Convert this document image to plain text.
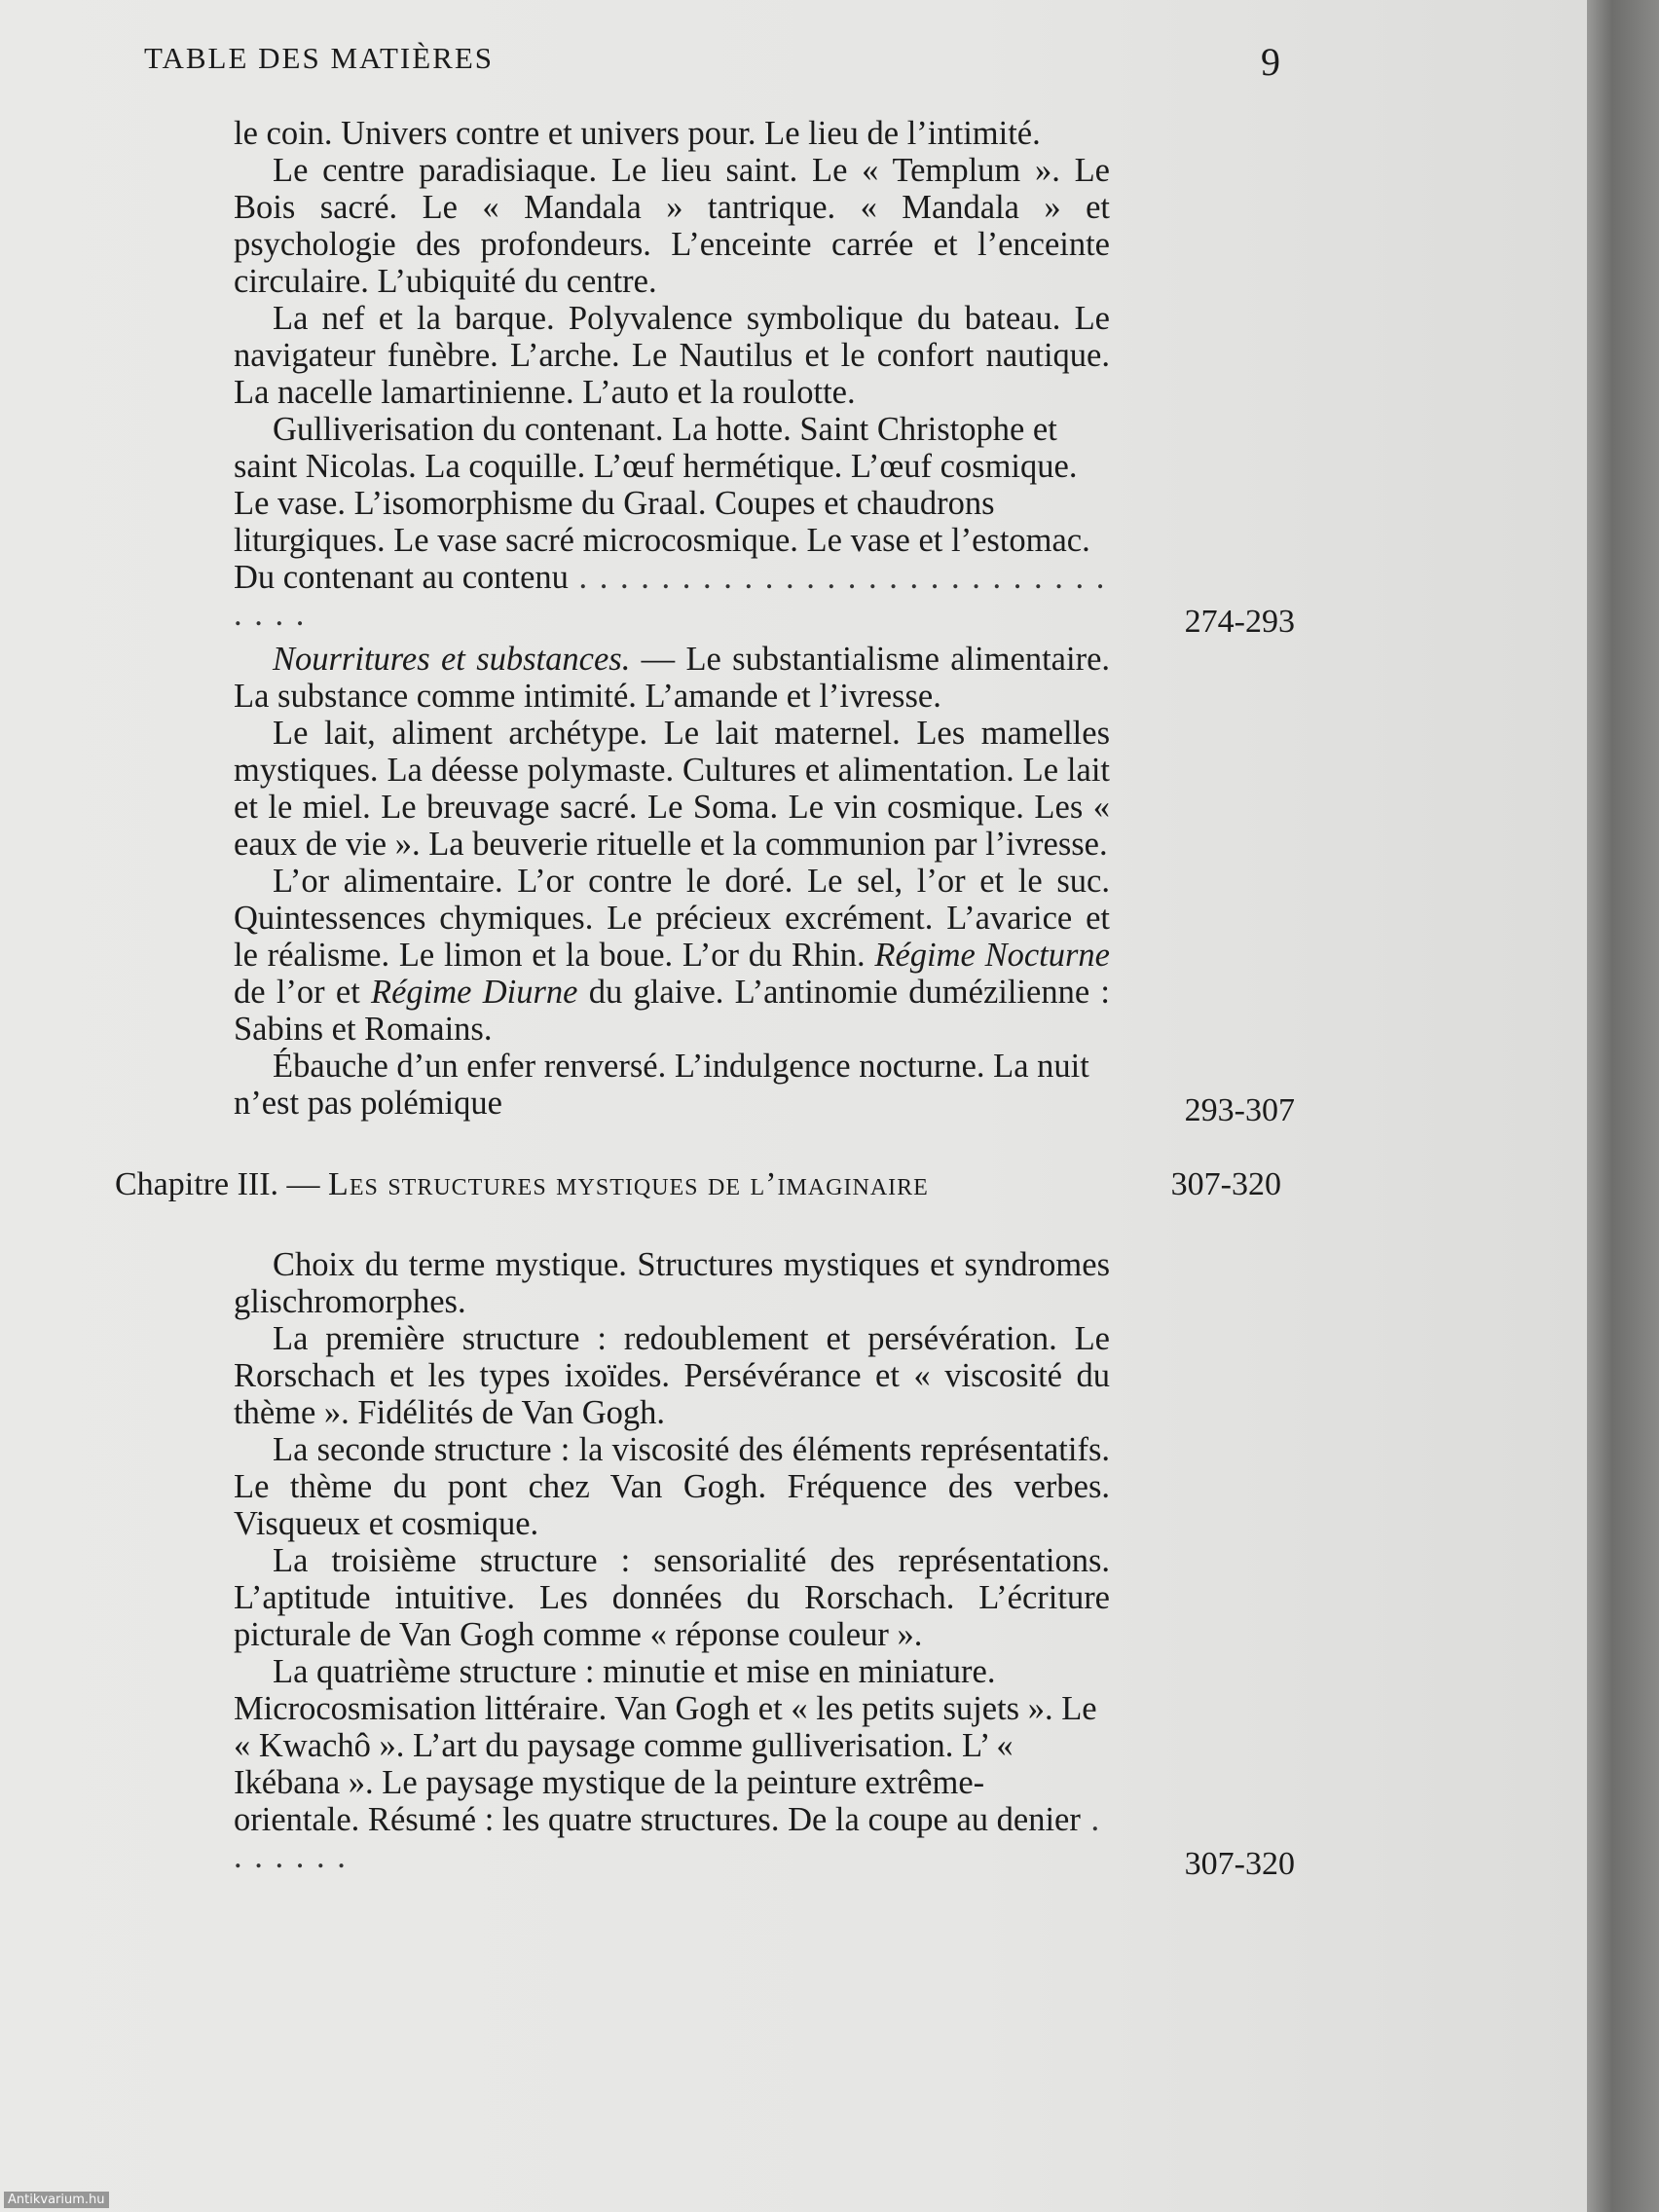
TABLE DES MATIÈRES	9

le coin. Univers contre et univers pour. Le lieu de l’intimité.

Le centre paradisiaque. Le lieu saint. Le « Templum ». Le Bois sacré. Le « Mandala » tantrique. « Mandala » et psychologie des profondeurs. L’enceinte carrée et l’enceinte circulaire. L’ubiquité du centre.

La nef et la barque. Polyvalence symbolique du bateau. Le navigateur funèbre. L’arche. Le Nautilus et le confort nautique. La nacelle lamartinienne. L’auto et la roulotte.

Gulliverisation du contenant. La hotte. Saint Christophe et saint Nicolas. La coquille. L’œuf hermétique. L’œuf cosmique. Le vase. L’isomorphisme du Graal. Coupes et chaudrons liturgiques. Le vase sacré microcosmique. Le vase et l’estomac. Du contenant au contenu . . . . . . . . . . . . . . . . . . . . . . . . . . . . . .	274-293

Nourritures et substances. — Le substantialisme alimentaire. La substance comme intimité. L’amande et l’ivresse.

Le lait, aliment archétype. Le lait maternel. Les mamelles mystiques. La déesse polymaste. Cultures et alimentation. Le lait et le miel. Le breuvage sacré. Le Soma. Le vin cosmique. Les « eaux de vie ». La beuverie rituelle et la communion par l’ivresse.

L’or alimentaire. L’or contre le doré. Le sel, l’or et le suc. Quintessences chymiques. Le précieux excrément. L’avarice et le réalisme. Le limon et la boue. L’or du Rhin. Régime Nocturne de l’or et Régime Diurne du glaive. L’antinomie dumézilienne : Sabins et Romains.

Ébauche d’un enfer renversé. L’indulgence nocturne. La nuit n’est pas polémique	293-307
Chapitre III. — Les structures mystiques de l’imaginaire	307-320

Choix du terme mystique. Structures mystiques et syndromes glischromorphes.

La première structure : redoublement et persévération. Le Rorschach et les types ixoïdes. Persévérance et « viscosité du thème ». Fidélités de Van Gogh.

La seconde structure : la viscosité des éléments représentatifs. Le thème du pont chez Van Gogh. Fréquence des verbes. Visqueux et cosmique.

La troisième structure : sensorialité des représentations. L’aptitude intuitive. Les données du Rorschach. L’écriture picturale de Van Gogh comme « réponse couleur ».

La quatrième structure : minutie et mise en miniature. Microcosmisation littéraire. Van Gogh et « les petits sujets ». Le « Kwachô ». L’art du paysage comme gulliverisation. L’ « Ikébana ». Le paysage mystique de la peinture extrême-orientale. Résumé : les quatre structures. De la coupe au denier . . . . . . .	307-320
Antikvarium.hu
